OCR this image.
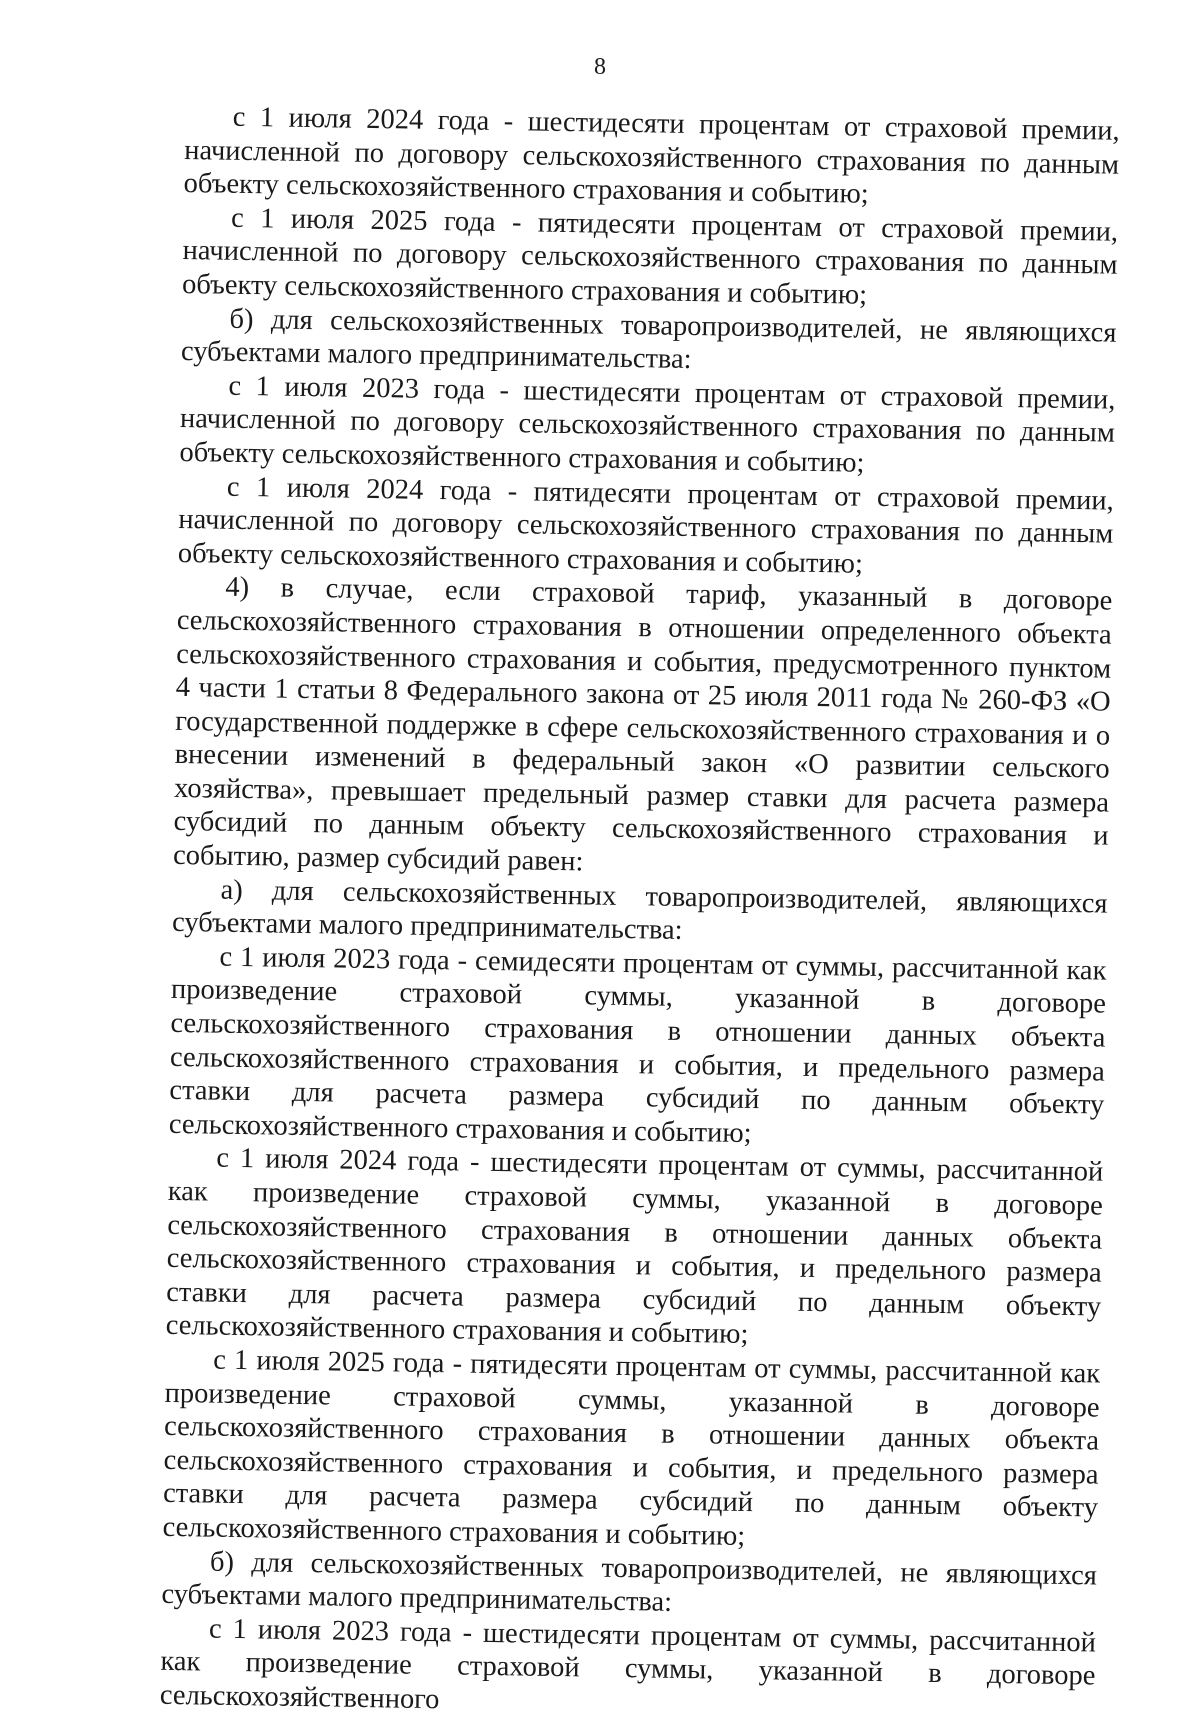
8

с 1 июля 2024 года - шестидесяти процентам от страховой премии, начисленной по договору сельскохозяйственного страхования по данным объекту сельскохозяйственного страхования и событию;

с 1 июля 2025 года - пятидесяти процентам от страховой премии, начисленной по договору сельскохозяйственного страхования по данным объекту сельскохозяйственного страхования и событию;

б) для сельскохозяйственных товаропроизводителей, не являющихся субъектами малого предпринимательства:

с 1 июля 2023 года - шестидесяти процентам от страховой премии, начисленной по договору сельскохозяйственного страхования по данным объекту сельскохозяйственного страхования и событию;

с 1 июля 2024 года - пятидесяти процентам от страховой премии, начисленной по договору сельскохозяйственного страхования по данным объекту сельскохозяйственного страхования и событию;

4) в случае, если страховой тариф, указанный в договоре сельскохозяйственного страхования в отношении определенного объекта сельскохозяйственного страхования и события, предусмотренного пунктом 4 части 1 статьи 8 Федерального закона от 25 июля 2011 года № 260-ФЗ «О государственной поддержке в сфере сельскохозяйственного страхования и о внесении изменений в федеральный закон «О развитии сельского хозяйства», превышает предельный размер ставки для расчета размера субсидий по данным объекту сельскохозяйственного страхования и событию, размер субсидий равен:

а) для сельскохозяйственных товаропроизводителей, являющихся субъектами малого предпринимательства:

с 1 июля 2023 года - семидесяти процентам от суммы, рассчитанной как произведение страховой суммы, указанной в договоре сельскохозяйственного страхования в отношении данных объекта сельскохозяйственного страхования и события, и предельного размера ставки для расчета размера субсидий по данным объекту сельскохозяйственного страхования и событию;

с 1 июля 2024 года - шестидесяти процентам от суммы, рассчитанной как произведение страховой суммы, указанной в договоре сельскохозяйственного страхования в отношении данных объекта сельскохозяйственного страхования и события, и предельного размера ставки для расчета размера субсидий по данным объекту сельскохозяйственного страхования и событию;

с 1 июля 2025 года - пятидесяти процентам от суммы, рассчитанной как произведение страховой суммы, указанной в договоре сельскохозяйственного страхования в отношении данных объекта сельскохозяйственного страхования и события, и предельного размера ставки для расчета размера субсидий по данным объекту сельскохозяйственного страхования и событию;

б) для сельскохозяйственных товаропроизводителей, не являющихся субъектами малого предпринимательства:

с 1 июля 2023 года - шестидесяти процентам от суммы, рассчитанной как произведение страховой суммы, указанной в договоре сельскохозяйственного
